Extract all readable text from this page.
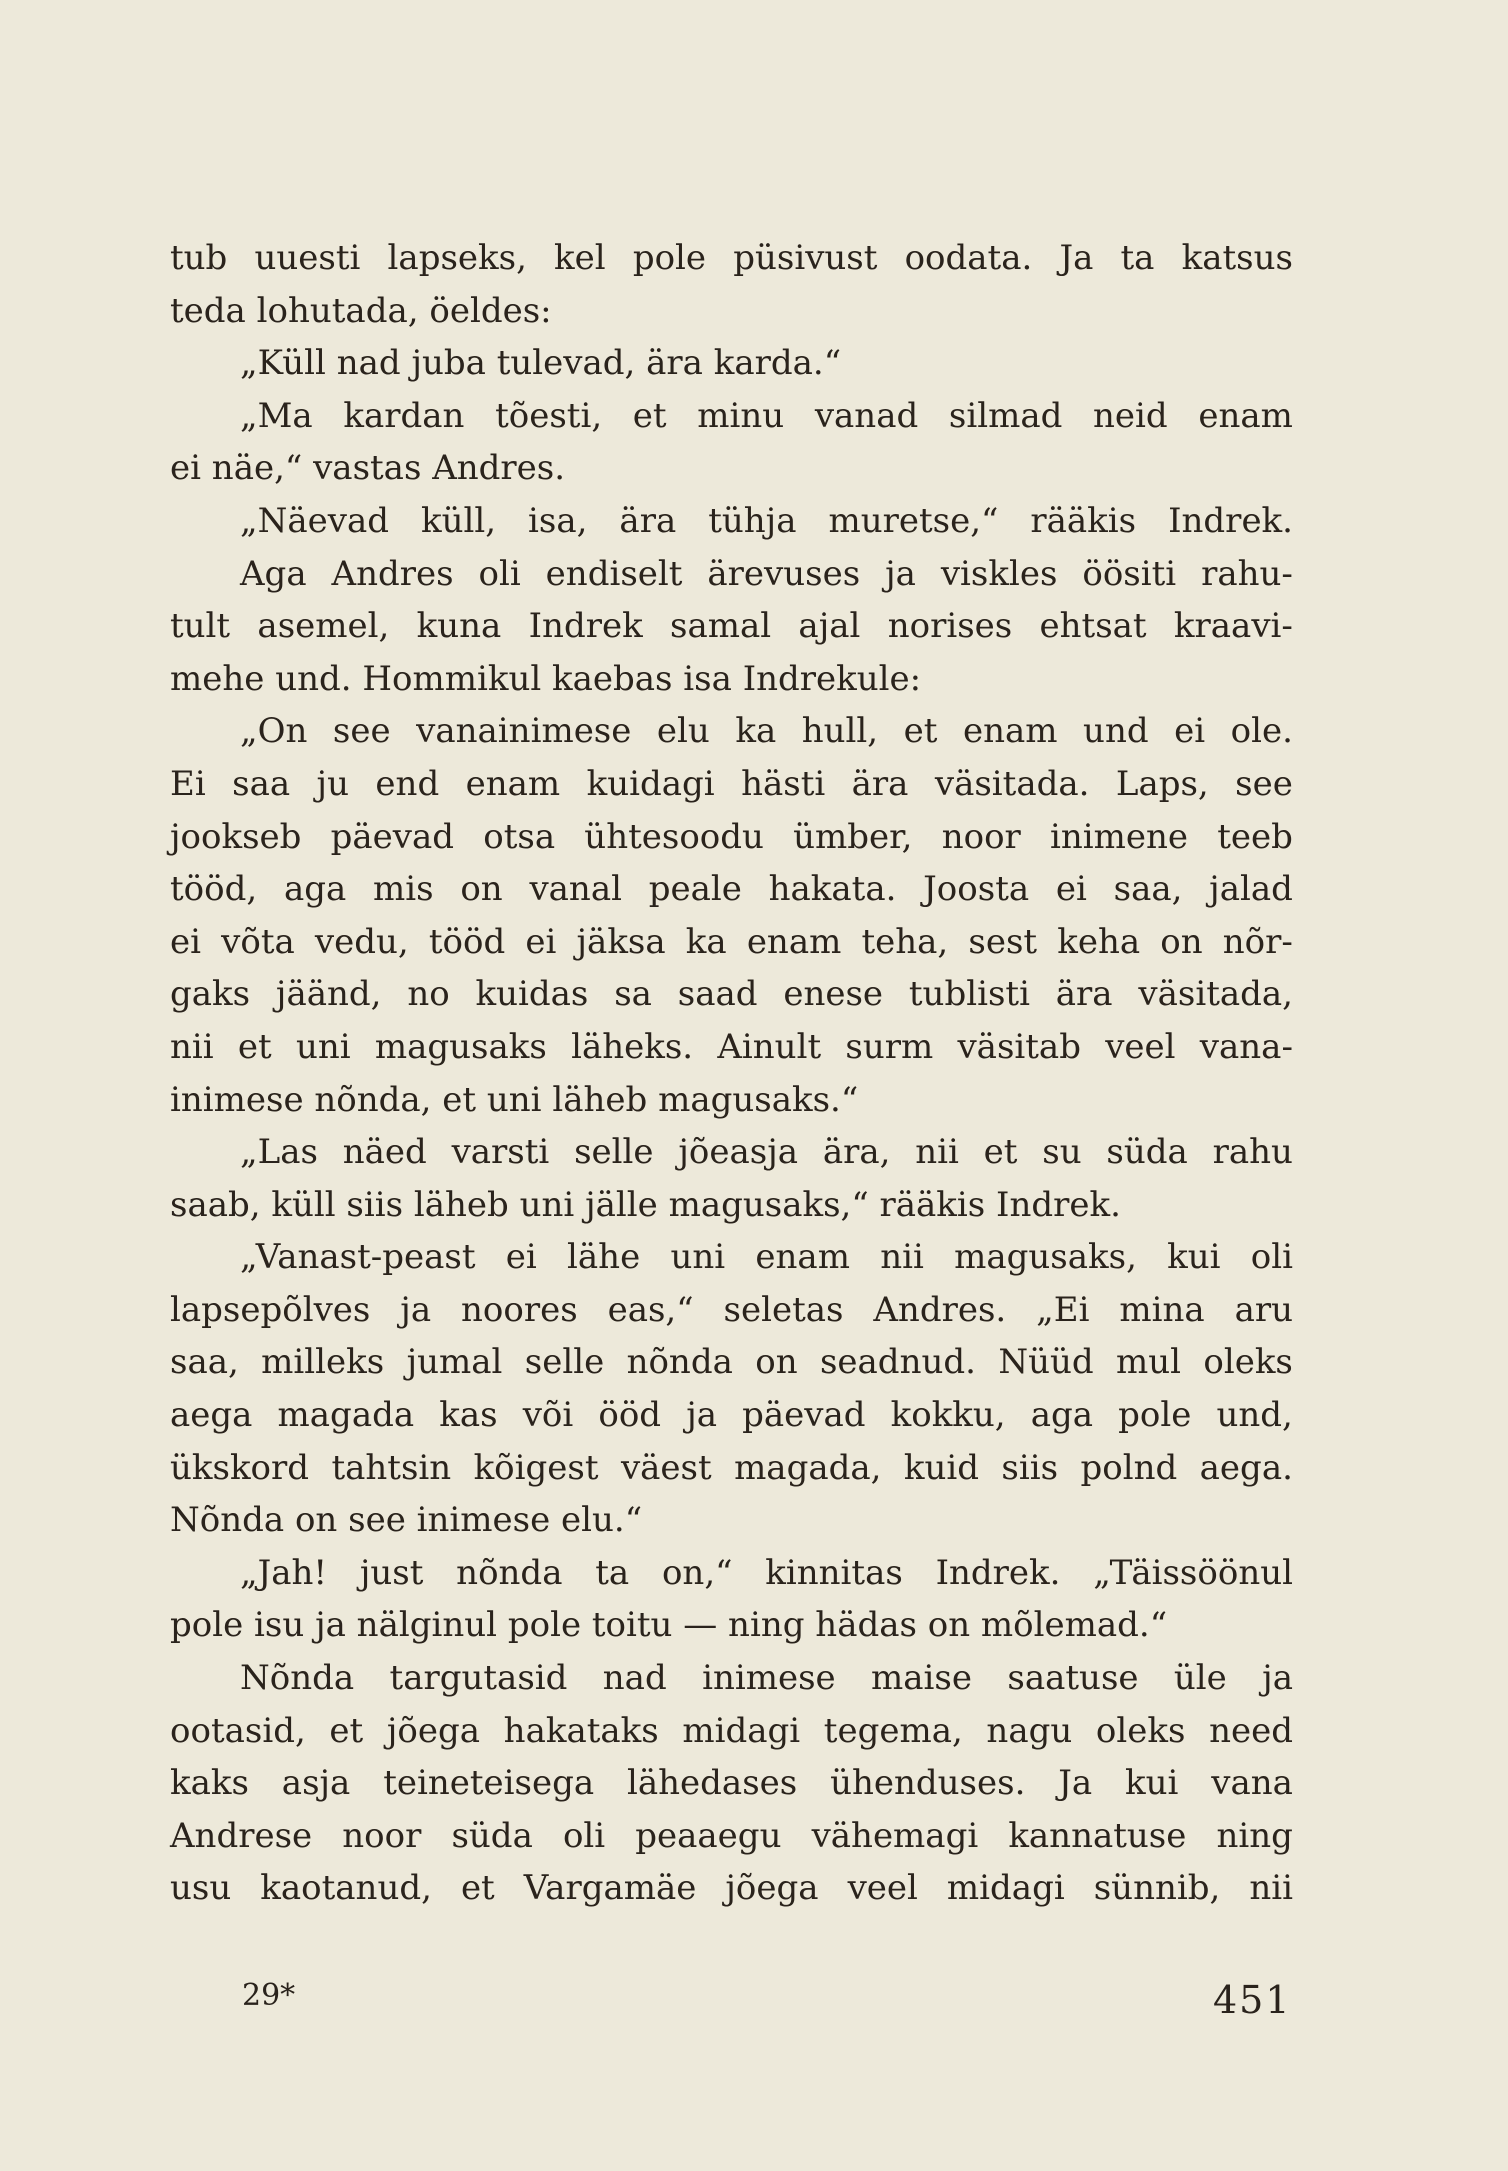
tub uuesti lapseks, kel pole püsivust oodata. Ja ta katsus
teda lohutada, öeldes:
„Küll nad juba tulevad, ära karda.“
„Ma kardan tõesti, et minu vanad silmad neid enam
ei näe,“ vastas Andres.
„Näevad küll, isa, ära tühja muretse,“ rääkis Indrek.
Aga Andres oli endiselt ärevuses ja viskles öösiti rahu-
tult asemel, kuna Indrek samal ajal norises ehtsat kraavi-
mehe und. Hommikul kaebas isa Indrekule:
„On see vanainimese elu ka hull, et enam und ei ole.
Ei saa ju end enam kuidagi hästi ära väsitada. Laps, see
jookseb päevad otsa ühtesoodu ümber, noor inimene teeb
tööd, aga mis on vanal peale hakata. Joosta ei saa, jalad
ei võta vedu, tööd ei jäksa ka enam teha, sest keha on nõr-
gaks jäänd, no kuidas sa saad enese tublisti ära väsitada,
nii et uni magusaks läheks. Ainult surm väsitab veel vana-
inimese nõnda, et uni läheb magusaks.“
„Las näed varsti selle jõeasja ära, nii et su süda rahu
saab, küll siis läheb uni jälle magusaks,“ rääkis Indrek.
„Vanast-peast ei lähe uni enam nii magusaks, kui oli
lapsepõlves ja noores eas,“ seletas Andres. „Ei mina aru
saa, milleks jumal selle nõnda on seadnud. Nüüd mul oleks
aega magada kas või ööd ja päevad kokku, aga pole und,
ükskord tahtsin kõigest väest magada, kuid siis polnd aega.
Nõnda on see inimese elu.“
„Jah! just nõnda ta on,“ kinnitas Indrek. „Täissöönul
pole isu ja nälginul pole toitu — ning hädas on mõlemad.“
Nõnda targutasid nad inimese maise saatuse üle ja
ootasid, et jõega hakataks midagi tegema, nagu oleks need
kaks asja teineteisega lähedases ühenduses. Ja kui vana
Andrese noor süda oli peaaegu vähemagi kannatuse ning
usu kaotanud, et Vargamäe jõega veel midagi sünnib, nii
29*	451
